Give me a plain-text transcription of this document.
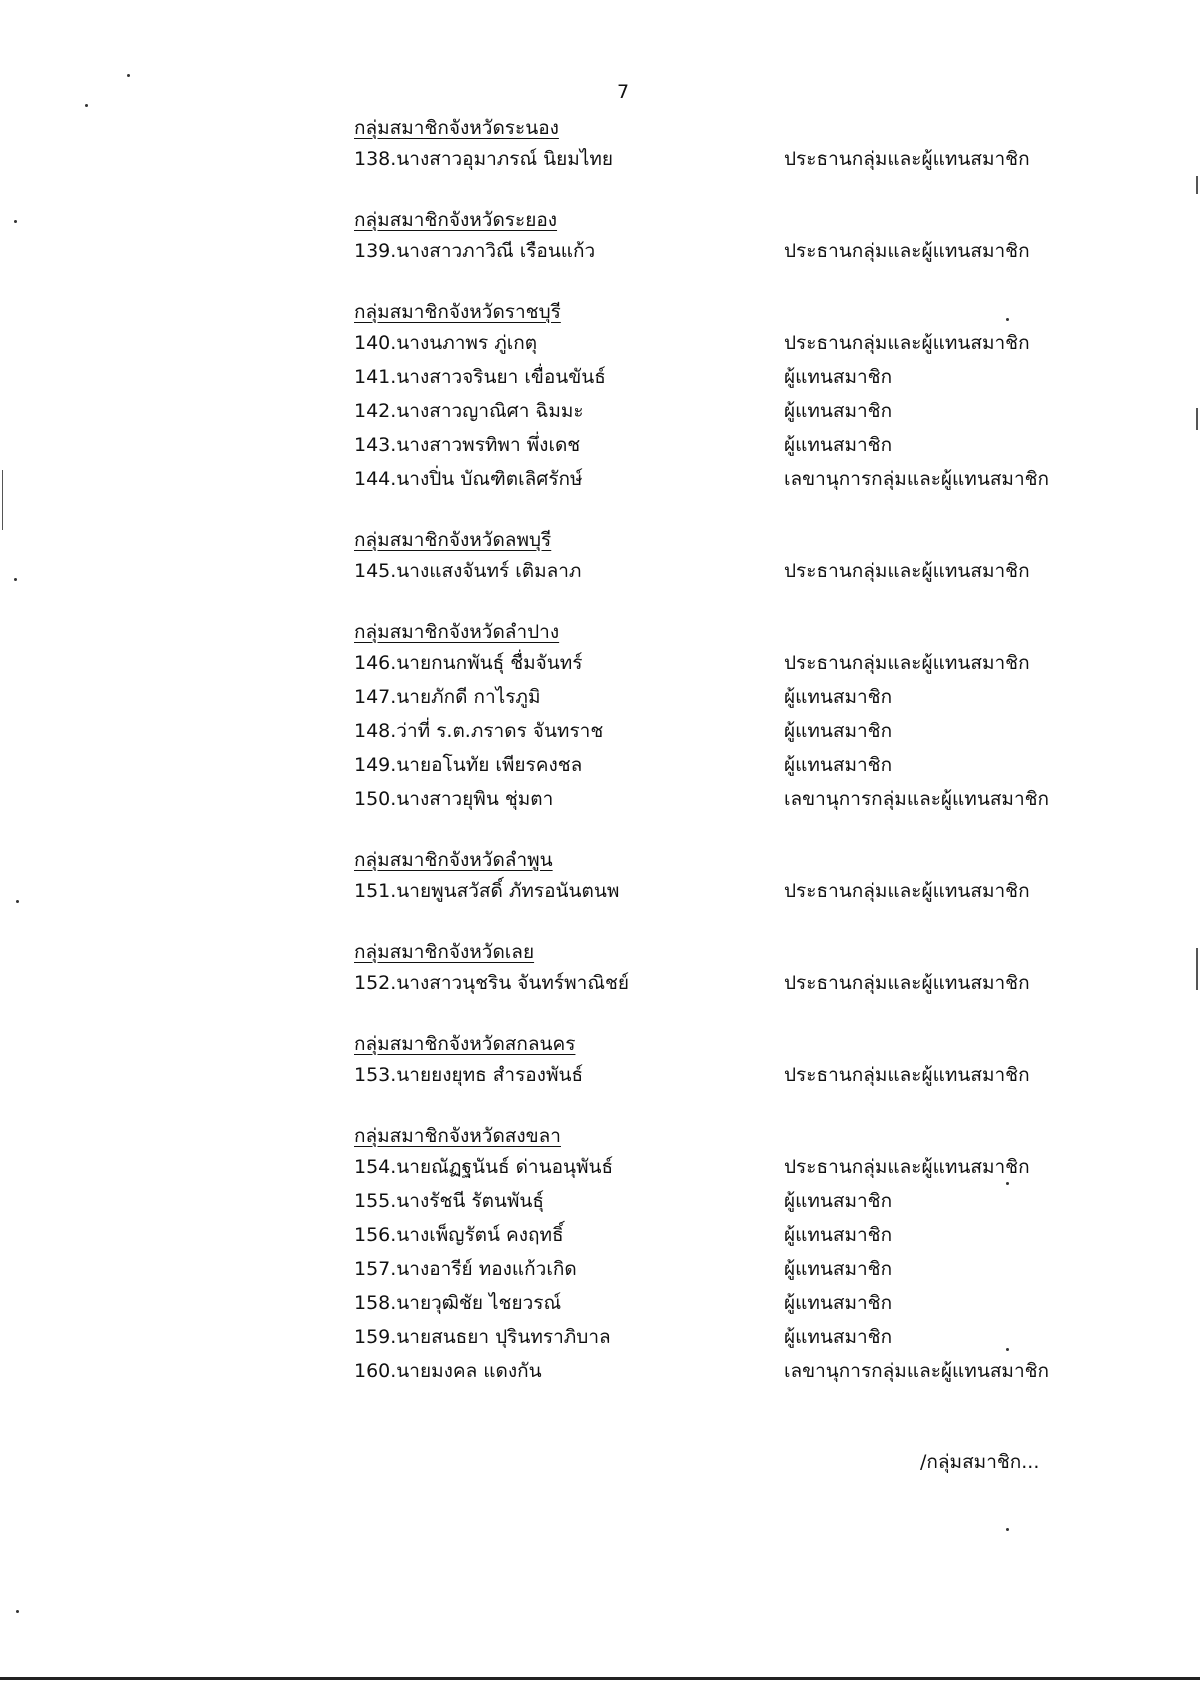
7
กลุ่มสมาชิกจังหวัดระนอง
138.นางสาวอุมาภรณ์ นิยมไทย	ประธานกลุ่มและผู้แทนสมาชิก
กลุ่มสมาชิกจังหวัดระยอง
139.นางสาวภาวิณี เรือนแก้ว	ประธานกลุ่มและผู้แทนสมาชิก
กลุ่มสมาชิกจังหวัดราชบุรี
140.นางนภาพร ภู่เกตุ	ประธานกลุ่มและผู้แทนสมาชิก
141.นางสาวจรินยา เขื่อนขันธ์	ผู้แทนสมาชิก
142.นางสาวญาณิศา ฉิมมะ	ผู้แทนสมาชิก
143.นางสาวพรทิพา พึ่งเดช	ผู้แทนสมาชิก
144.นางปิ่น บัณฑิตเลิศรักษ์	เลขานุการกลุ่มและผู้แทนสมาชิก
กลุ่มสมาชิกจังหวัดลพบุรี
145.นางแสงจันทร์ เติมลาภ	ประธานกลุ่มและผู้แทนสมาชิก
กลุ่มสมาชิกจังหวัดลำปาง
146.นายกนกพันธุ์ ชื่มจันทร์	ประธานกลุ่มและผู้แทนสมาชิก
147.นายภักดี กาไรภูมิ	ผู้แทนสมาชิก
148.ว่าที่ ร.ต.ภราดร จันทราช	ผู้แทนสมาชิก
149.นายอโนทัย เพียรคงชล	ผู้แทนสมาชิก
150.นางสาวยุพิน ชุ่มตา	เลขานุการกลุ่มและผู้แทนสมาชิก
กลุ่มสมาชิกจังหวัดลำพูน
151.นายพูนสวัสดิ์ ภัทรอนันตนพ	ประธานกลุ่มและผู้แทนสมาชิก
กลุ่มสมาชิกจังหวัดเลย
152.นางสาวนุชริน จันทร์พาณิชย์	ประธานกลุ่มและผู้แทนสมาชิก
กลุ่มสมาชิกจังหวัดสกลนคร
153.นายยงยุทธ สำรองพันธ์	ประธานกลุ่มและผู้แทนสมาชิก
กลุ่มสมาชิกจังหวัดสงขลา
154.นายณัฏฐนันธ์ ด่านอนุพันธ์	ประธานกลุ่มและผู้แทนสมาชิก
155.นางรัชนี รัตนพันธุ์	ผู้แทนสมาชิก
156.นางเพ็ญรัตน์ คงฤทธิ์	ผู้แทนสมาชิก
157.นางอารีย์ ทองแก้วเกิด	ผู้แทนสมาชิก
158.นายวุฒิชัย ไชยวรณ์	ผู้แทนสมาชิก
159.นายสนธยา ปุรินทราภิบาล	ผู้แทนสมาชิก
160.นายมงคล แดงกัน	เลขานุการกลุ่มและผู้แทนสมาชิก
/กลุ่มสมาชิก...
